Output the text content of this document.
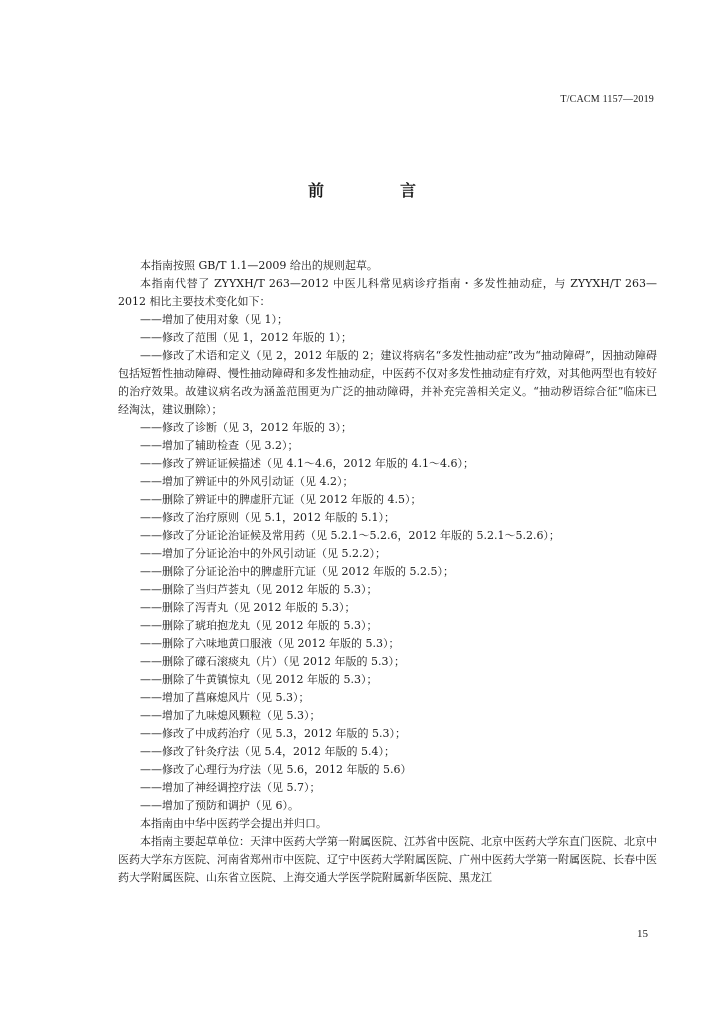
T/CACM 1157—2019
前　言

本指南按照 GB/T 1.1—2009 给出的规则起草。

本指南代替了 ZYYXH/T 263—2012 中医儿科常见病诊疗指南・多发性抽动症，与 ZYYXH/T 263—2012 相比主要技术变化如下：

——增加了使用对象（见 1）；

——修改了范围（见 1，2012 年版的 1）；

——修改了术语和定义（见 2，2012 年版的 2；建议将病名“多发性抽动症”改为“抽动障碍”，因抽动障碍包括短暂性抽动障碍、慢性抽动障碍和多发性抽动症，中医药不仅对多发性抽动症有疗效，对其他两型也有较好的治疗效果。故建议病名改为涵盖范围更为广泛的抽动障碍，并补充完善相关定义。“抽动秽语综合征”临床已经淘汰，建议删除）；

——修改了诊断（见 3，2012 年版的 3）；

——增加了辅助检查（见 3.2）；

——修改了辨证证候描述（见 4.1～4.6，2012 年版的 4.1～4.6）；

——增加了辨证中的外风引动证（见 4.2）；

——删除了辨证中的脾虚肝亢证（见 2012 年版的 4.5）；

——修改了治疗原则（见 5.1，2012 年版的 5.1）；

——修改了分证论治证候及常用药（见 5.2.1～5.2.6，2012 年版的 5.2.1～5.2.6）；

——增加了分证论治中的外风引动证（见 5.2.2）；

——删除了分证论治中的脾虚肝亢证（见 2012 年版的 5.2.5）；

——删除了当归芦荟丸（见 2012 年版的 5.3）；

——删除了泻青丸（见 2012 年版的 5.3）；

——删除了琥珀抱龙丸（见 2012 年版的 5.3）；

——删除了六味地黄口服液（见 2012 年版的 5.3）；

——删除了礞石滚痰丸（片）（见 2012 年版的 5.3）；

——删除了牛黄镇惊丸（见 2012 年版的 5.3）；

——增加了菖麻熄风片（见 5.3）；

——增加了九味熄风颗粒（见 5.3）；

——修改了中成药治疗（见 5.3，2012 年版的 5.3）；

——修改了针灸疗法（见 5.4，2012 年版的 5.4）；

——修改了心理行为疗法（见 5.6，2012 年版的 5.6）

——增加了神经调控疗法（见 5.7）；

——增加了预防和调护（见 6）。

本指南由中华中医药学会提出并归口。

本指南主要起草单位：天津中医药大学第一附属医院、江苏省中医院、北京中医药大学东直门医院、北京中医药大学东方医院、河南省郑州市中医院、辽宁中医药大学附属医院、广州中医药大学第一附属医院、长春中医药大学附属医院、山东省立医院、上海交通大学医学院附属新华医院、黑龙江

15
